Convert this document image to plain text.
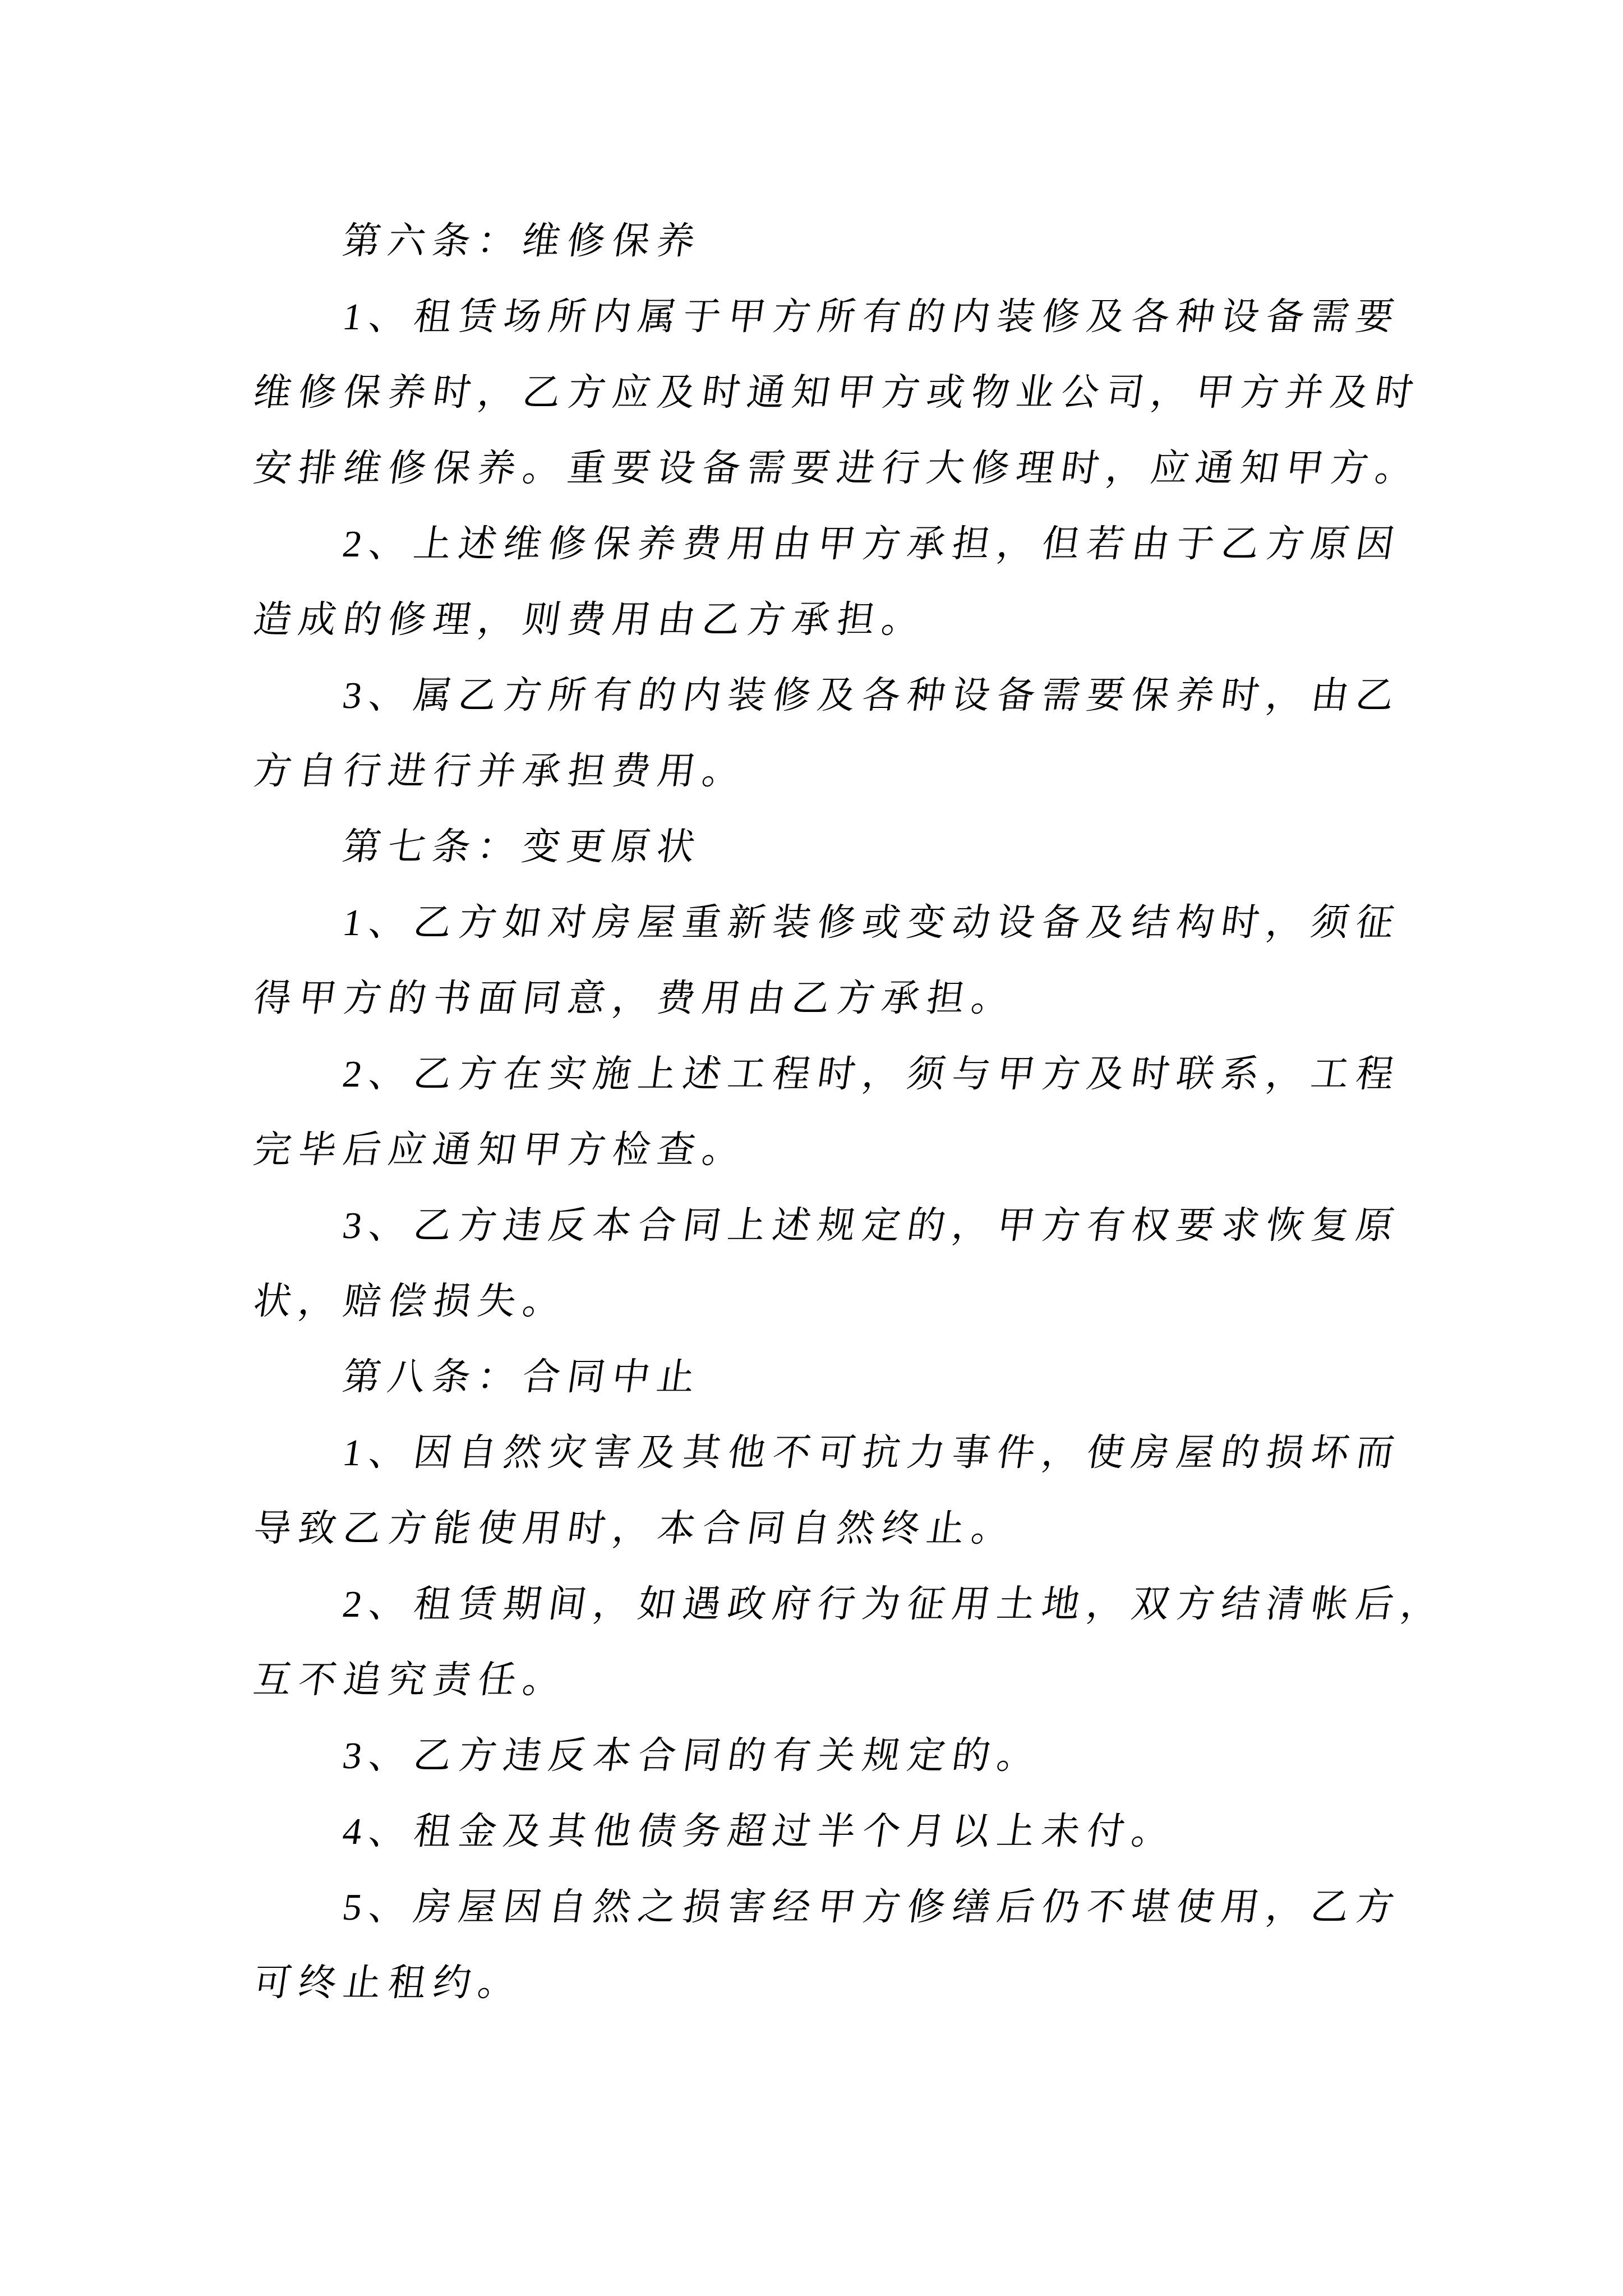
第六条：维修保养
1、租赁场所内属于甲方所有的内装修及各种设备需要
维修保养时，乙方应及时通知甲方或物业公司，甲方并及时
安排维修保养。重要设备需要进行大修理时，应通知甲方。
2、上述维修保养费用由甲方承担，但若由于乙方原因
造成的修理，则费用由乙方承担。
3、属乙方所有的内装修及各种设备需要保养时，由乙
方自行进行并承担费用。
第七条：变更原状
1、乙方如对房屋重新装修或变动设备及结构时，须征
得甲方的书面同意，费用由乙方承担。
2、乙方在实施上述工程时，须与甲方及时联系，工程
完毕后应通知甲方检查。
3、乙方违反本合同上述规定的，甲方有权要求恢复原
状，赔偿损失。
第八条：合同中止
1、因自然灾害及其他不可抗力事件，使房屋的损坏而
导致乙方能使用时，本合同自然终止。
2、租赁期间，如遇政府行为征用土地，双方结清帐后，
互不追究责任。
3、乙方违反本合同的有关规定的。
4、租金及其他债务超过半个月以上未付。
5、房屋因自然之损害经甲方修缮后仍不堪使用，乙方
可终止租约。
